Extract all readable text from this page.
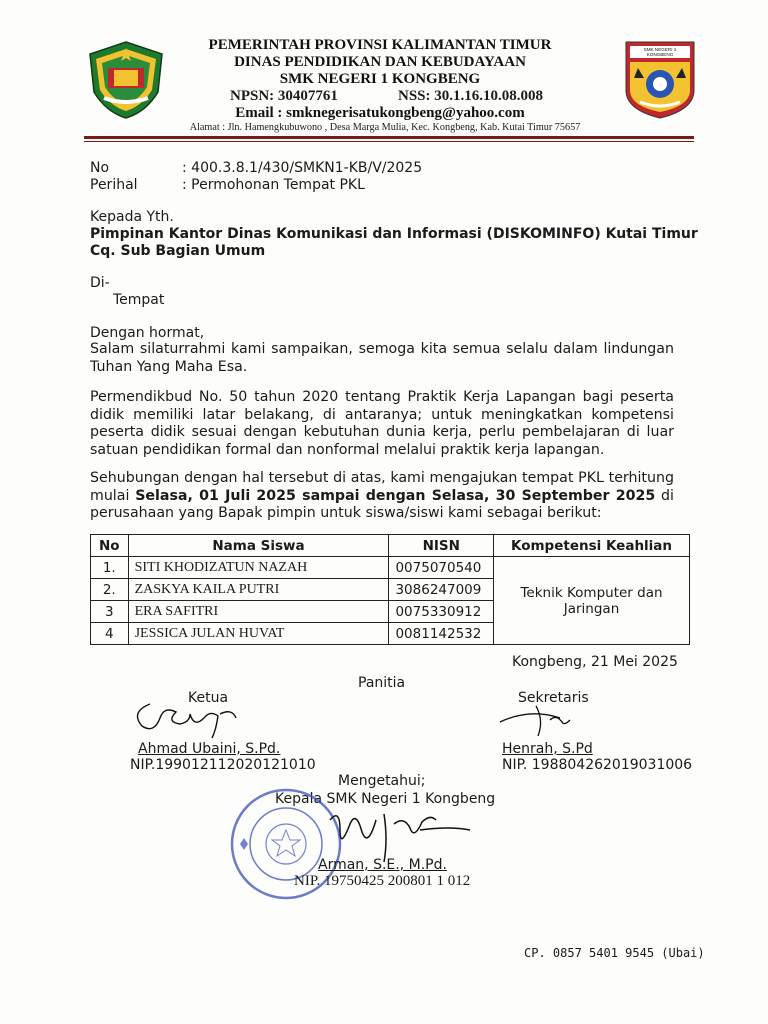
PEMERINTAH PROVINSI KALIMANTAN TIMUR
DINAS PENDIDIKAN DAN KEBUDAYAAN
SMK NEGERI 1 KONGBENG
NPSN: 30407761	NSS: 30.1.16.10.08.008
Email : smknegerisatukongbeng@yahoo.com
Alamat : Jln. Hamengkubuwono , Desa Marga Mulia, Kec. Kongbeng, Kab. Kutai Timur 75657
SMK NEGERI 1 KONGBENG
No	: 400.3.8.1/430/SMKN1-KB/V/2025
Perihal	: Permohonan Tempat PKL
Kepada Yth.
Pimpinan Kantor Dinas Komunikasi dan Informasi (DISKOMINFO) Kutai Timur
Cq. Sub Bagian Umum
Di-
Tempat
Dengan hormat,
Salam silaturrahmi kami sampaikan, semoga kita semua selalu dalam lindungan Tuhan Yang Maha Esa.
Permendikbud No. 50 tahun 2020 tentang Praktik Kerja Lapangan bagi peserta didik memiliki latar belakang, di antaranya; untuk meningkatkan kompetensi peserta didik sesuai dengan kebutuhan dunia kerja, perlu pembelajaran di luar satuan pendidikan formal dan nonformal melalui praktik kerja lapangan.
Sehubungan dengan hal tersebut di atas, kami mengajukan tempat PKL terhitung mulai Selasa, 01 Juli 2025 sampai dengan Selasa, 30 September 2025 di perusahaan yang Bapak pimpin untuk siswa/siswi kami sebagai berikut:
No	Nama Siswa	NISN	Kompetensi Keahlian
1.	SITI KHODIZATUN NAZAH	0075070540	Teknik Komputer dan Jaringan
2.	ZASKYA KAILA PUTRI	3086247009	
3	ERA SAFITRI	0075330912	
4	JESSICA JULAN HUVAT	0081142532	
Kongbeng, 21 Mei 2025
Panitia
Ketua
Ahmad Ubaini, S.Pd.
NIP.199012112020121010
Sekretaris
Henrah, S.Pd
NIP. 198804262019031006
Mengetahui;
Kepala SMK Negeri 1 Kongbeng
Arman, S.E., M.Pd.
NIP. 19750425 200801 1 012
CP. 0857 5401 9545 (Ubai)
